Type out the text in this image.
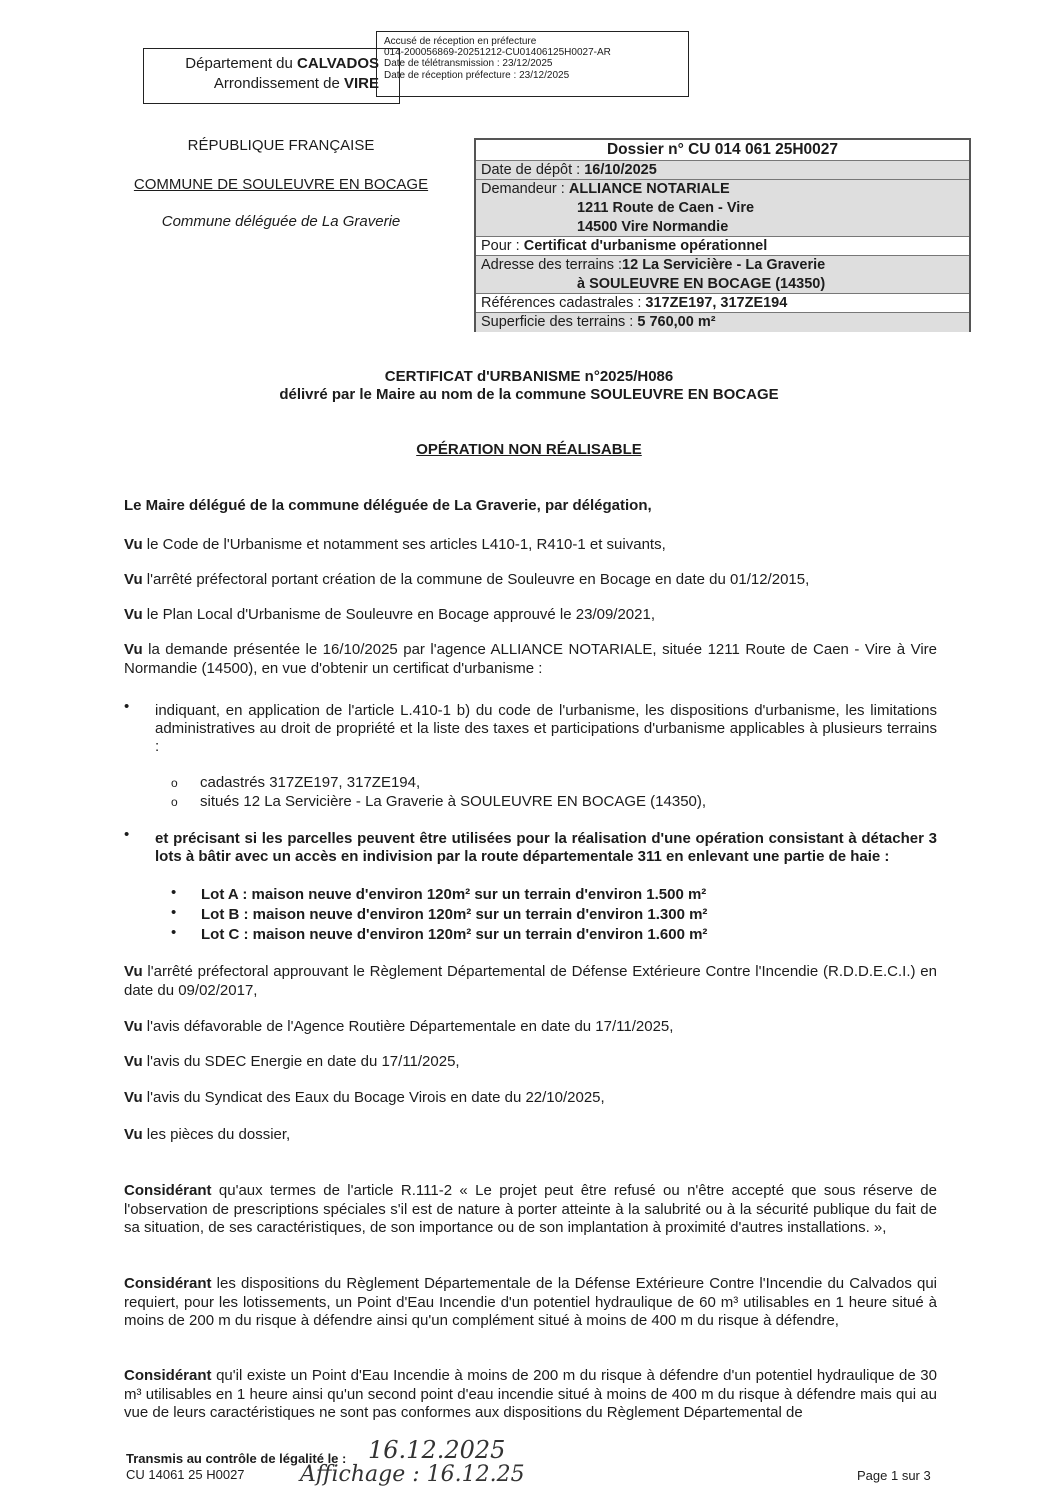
Département du CALVADOS
Arrondissement de VIRE
Accusé de réception en préfecture
014-200056869-20251212-CU01406125H0027-AR
Date de télétransmission : 23/12/2025
Date de réception préfecture : 23/12/2025
RÉPUBLIQUE FRANÇAISE
COMMUNE DE SOULEUVRE EN BOCAGE
Commune déléguée de La Graverie
Dossier n° CU 014 061 25H0027
Date de dépôt : 16/10/2025
Demandeur : ALLIANCE NOTARIALE
1211 Route de Caen - Vire
14500 Vire Normandie
Pour : Certificat d'urbanisme opérationnel
Adresse des terrains :12 La Servicière - La Graverie
à SOULEUVRE EN BOCAGE (14350)
Références cadastrales : 317ZE197, 317ZE194
Superficie des terrains : 5 760,00 m²
CERTIFICAT d'URBANISME n°2025/H086
délivré par le Maire au nom de la commune SOULEUVRE EN BOCAGE
OPÉRATION NON RÉALISABLE
Le Maire délégué de la commune déléguée de La Graverie, par délégation,
Vu le Code de l'Urbanisme et notamment ses articles L410-1, R410-1 et suivants,
Vu l'arrêté préfectoral portant création de la commune de Souleuvre en Bocage en date du 01/12/2015,
Vu le Plan Local d'Urbanisme de Souleuvre en Bocage approuvé le 23/09/2021,
Vu la demande présentée le 16/10/2025 par l'agence ALLIANCE NOTARIALE, située 1211 Route de Caen - Vire à Vire Normandie (14500), en vue d'obtenir un certificat d'urbanisme :
• indiquant, en application de l'article L.410-1 b) du code de l'urbanisme, les dispositions d'urbanisme, les limitations administratives au droit de propriété et la liste des taxes et participations d'urbanisme applicables à plusieurs terrains :
o cadastrés 317ZE197, 317ZE194,
o situés 12 La Servicière - La Graverie à SOULEUVRE EN BOCAGE (14350),
• et précisant si les parcelles peuvent être utilisées pour la réalisation d'une opération consistant à détacher 3 lots à bâtir avec un accès en indivision par la route départementale 311 en enlevant une partie de haie :
• Lot A : maison neuve d'environ 120m² sur un terrain d'environ 1.500 m²
• Lot B : maison neuve d'environ 120m² sur un terrain d'environ 1.300 m²
• Lot C : maison neuve d'environ 120m² sur un terrain d'environ 1.600 m²
Vu l'arrêté préfectoral approuvant le Règlement Départemental de Défense Extérieure Contre l'Incendie (R.D.D.E.C.I.) en date du 09/02/2017,
Vu l'avis défavorable de l'Agence Routière Départementale en date du 17/11/2025,
Vu l'avis du SDEC Energie en date du 17/11/2025,
Vu l'avis du Syndicat des Eaux du Bocage Virois en date du 22/10/2025,
Vu les pièces du dossier,
Considérant qu'aux termes de l'article R.111-2 « Le projet peut être refusé ou n'être accepté que sous réserve de l'observation de prescriptions spéciales s'il est de nature à porter atteinte à la salubrité ou à la sécurité publique du fait de sa situation, de ses caractéristiques, de son importance ou de son implantation à proximité d'autres installations. »,
Considérant les dispositions du Règlement Départementale de la Défense Extérieure Contre l'Incendie du Calvados qui requiert, pour les lotissements, un Point d'Eau Incendie d'un potentiel hydraulique de 60 m³ utilisables en 1 heure situé à moins de 200 m du risque à défendre ainsi qu'un complément situé à moins de 400 m du risque à défendre,
Considérant qu'il existe un Point d'Eau Incendie à moins de 200 m du risque à défendre d'un potentiel hydraulique de 30 m³ utilisables en 1 heure ainsi qu'un second point d'eau incendie situé à moins de 400 m du risque à défendre mais qui au vue de leurs caractéristiques ne sont pas conformes aux dispositions du Règlement Départemental de
Transmis au contrôle de légalité le : 16.12.2025
CU 14061 25 H0027	Affichage : 16.12.25	Page 1 sur 3
